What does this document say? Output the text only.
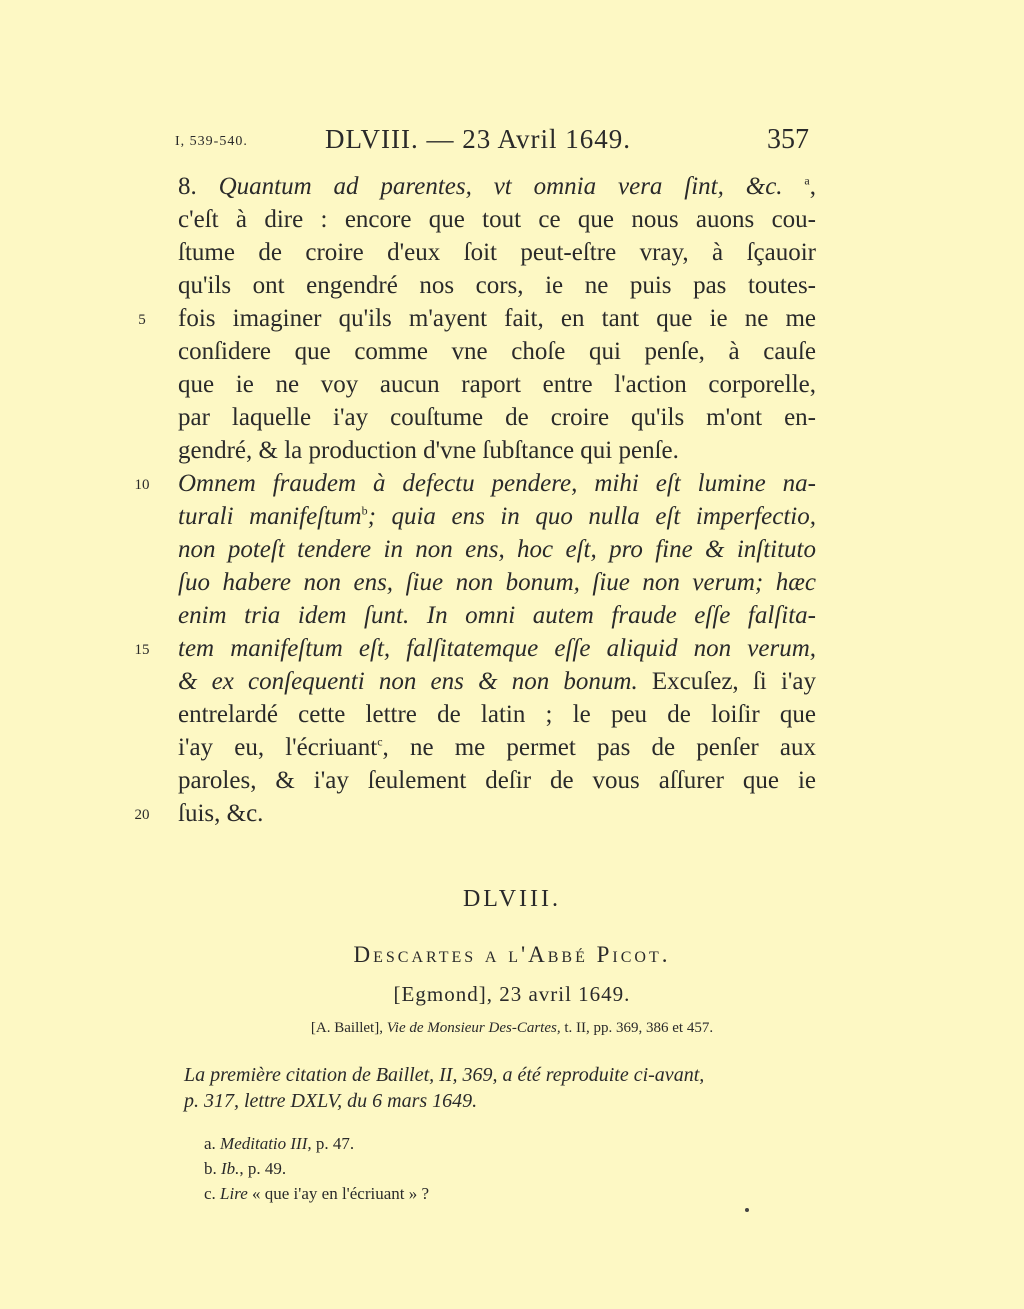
I, 539-540.	DLVIII. — 23 Avril 1649.	357
8. Quantum ad parentes, vt omnia vera ſint, &c. $^a$,
c'eſt à dire : encore que tout ce que nous auons cou-
ſtume de croire d'eux ſoit peut-eſtre vray, à ſçauoir
qu'ils ont engendré nos cors, ie ne puis pas toutes-
fois imaginer qu'ils m'ayent fait, en tant que ie ne me
5
conſidere que comme vne choſe qui penſe, à cauſe
que ie ne voy aucun raport entre l'action corporelle,
par laquelle i'ay couſtume de croire qu'ils m'ont en-
gendré, & la production d'vne ſubſtance qui penſe.
Omnem fraudem à defectu pendere, mihi eſt lumine na-
10
turali manifeſtum$^b$; quia ens in quo nulla eſt imperfectio,
non poteſt tendere in non ens, hoc eſt, pro fine & inſtituto
ſuo habere non ens, ſiue non bonum, ſiue non verum; hæc
enim tria idem ſunt. In omni autem fraude eſſe falſita-
tem manifeſtum eſt, falſitatemque eſſe aliquid non verum,
15
& ex conſequenti non ens & non bonum. Excuſez, ſi i'ay
entrelardé cette lettre de latin ; le peu de loiſir que
i'ay eu, l'écriuant$^c$, ne me permet pas de penſer aux
paroles, & i'ay ſeulement deſir de vous aſſurer que ie
ſuis, &c.
20
DLVIII.
Descartes a l'Abbé Picot.
[Egmond], 23 avril 1649.
[A. Baillet], Vie de Monsieur Des-Cartes, t. II, pp. 369, 386 et 457.
La première citation de Baillet, II, 369, a été reproduite ci-avant,
p. 317, lettre DXLV, du 6 mars 1649.
a. Meditatio III, p. 47.
b. Ib., p. 49.
c. Lire « que i'ay en l'écriuant » ?
